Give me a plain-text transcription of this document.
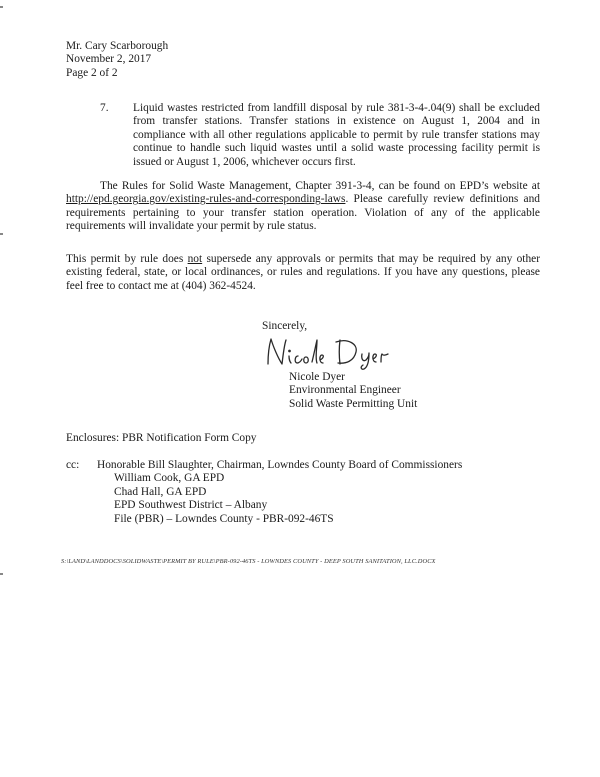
Mr. Cary Scarborough
November 2, 2017
Page 2 of 2
7.	Liquid wastes restricted from landfill disposal by rule 381-3-4-.04(9) shall be excluded from transfer stations. Transfer stations in existence on August 1, 2004 and in compliance with all other regulations applicable to permit by rule transfer stations may continue to handle such liquid wastes until a solid waste processing facility permit is issued or August 1, 2006, whichever occurs first.
The Rules for Solid Waste Management, Chapter 391-3-4, can be found on EPD’s website at http://epd.georgia.gov/existing-rules-and-corresponding-laws. Please carefully review definitions and requirements pertaining to your transfer station operation. Violation of any of the applicable requirements will invalidate your permit by rule status.
This permit by rule does not supersede any approvals or permits that may be required by any other existing federal, state, or local ordinances, or rules and regulations. If you have any questions, please feel free to contact me at (404) 362-4524.
Sincerely,
Nicole Dyer
Environmental Engineer
Solid Waste Permitting Unit
Enclosures: PBR Notification Form Copy
cc: Honorable Bill Slaughter, Chairman, Lowndes County Board of Commissioners
William Cook, GA EPD
Chad Hall, GA EPD
EPD Southwest District – Albany
File (PBR) – Lowndes County - PBR-092-46TS
S:\LAND\LANDDOCS\SOLIDWASTE\PERMIT BY RULE\PBR-092-46TS - LOWNDES COUNTY - DEEP SOUTH SANITATION, LLC.DOCX
